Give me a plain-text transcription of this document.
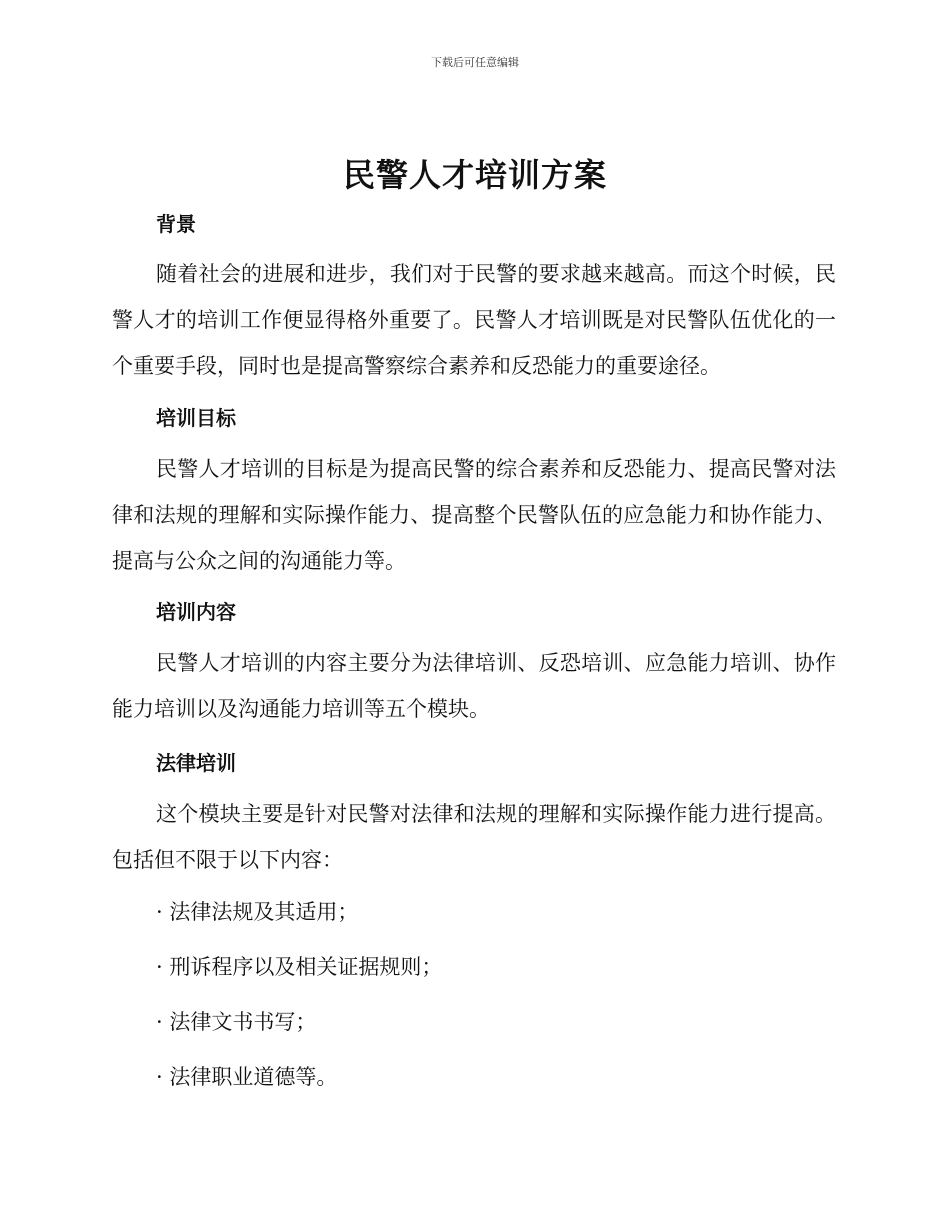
下载后可任意编辑
民警人才培训方案
背景
随着社会的进展和进步，我们对于民警的要求越来越高。而这个时候，民警人才的培训工作便显得格外重要了。民警人才培训既是对民警队伍优化的一个重要手段，同时也是提高警察综合素养和反恐能力的重要途径。
培训目标
民警人才培训的目标是为提高民警的综合素养和反恐能力、提高民警对法律和法规的理解和实际操作能力、提高整个民警队伍的应急能力和协作能力、提高与公众之间的沟通能力等。
培训内容
民警人才培训的内容主要分为法律培训、反恐培训、应急能力培训、协作能力培训以及沟通能力培训等五个模块。
法律培训
这个模块主要是针对民警对法律和法规的理解和实际操作能力进行提高。包括但不限于以下内容：
· 法律法规及其适用；
· 刑诉程序以及相关证据规则；
· 法律文书书写；
· 法律职业道德等。
